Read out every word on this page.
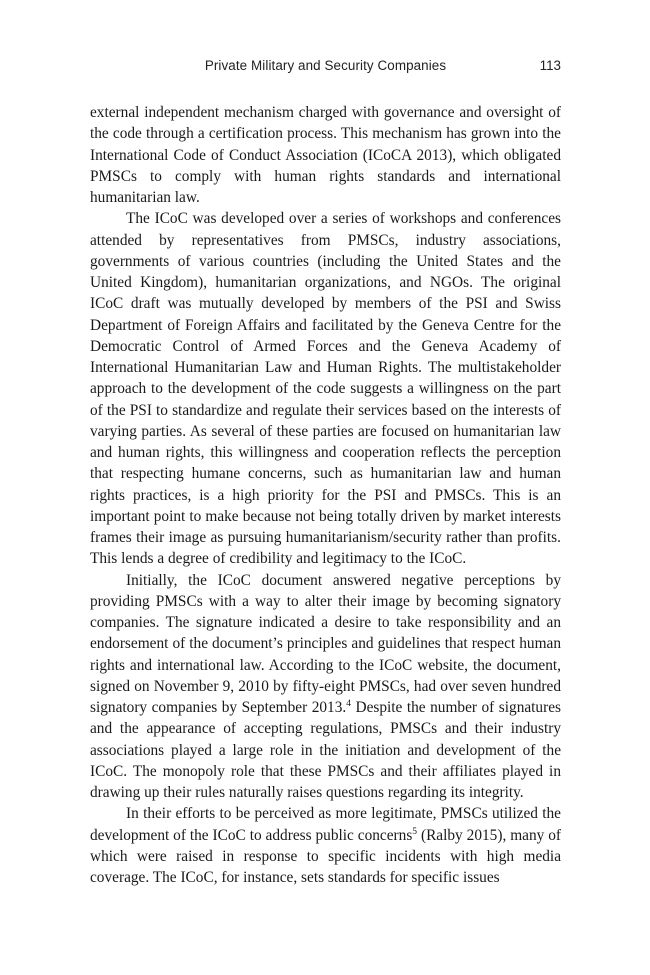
Private Military and Security Companies	113

external independent mechanism charged with governance and oversight of the code through a certification process. This mechanism has grown into the International Code of Conduct Association (ICoCA 2013), which obligated PMSCs to comply with human rights standards and international humanitarian law.

The ICoC was developed over a series of workshops and conferences attended by representatives from PMSCs, industry associations, governments of various countries (including the United States and the United Kingdom), humanitarian organizations, and NGOs. The original ICoC draft was mutually developed by members of the PSI and Swiss Department of Foreign Affairs and facilitated by the Geneva Centre for the Democratic Control of Armed Forces and the Geneva Academy of International Humanitarian Law and Human Rights. The multistakeholder approach to the development of the code suggests a willingness on the part of the PSI to standardize and regulate their services based on the interests of varying parties. As several of these parties are focused on humanitarian law and human rights, this willingness and cooperation reflects the perception that respecting humane concerns, such as humanitarian law and human rights practices, is a high priority for the PSI and PMSCs. This is an important point to make because not being totally driven by market interests frames their image as pursuing humanitarianism/​security rather than profits. This lends a degree of credibility and legitimacy to the ICoC.

Initially, the ICoC document answered negative perceptions by providing PMSCs with a way to alter their image by becoming signatory companies. The signature indicated a desire to take responsibility and an endorsement of the document’s principles and guidelines that respect human rights and international law. According to the ICoC website, the document, signed on November 9, 2010 by fifty-eight PMSCs, had over seven hundred signatory companies by September 2013.$^4$ Despite the number of signatures and the appearance of accepting regulations, PMSCs and their industry associations played a large role in the initiation and development of the ICoC. The monopoly role that these PMSCs and their affiliates played in drawing up their rules naturally raises questions regarding its integrity.

In their efforts to be perceived as more legitimate, PMSCs utilized the development of the ICoC to address public concerns$^5$ (Ralby 2015), many of which were raised in response to specific incidents with high media coverage. The ICoC, for instance, sets standards for specific issues
